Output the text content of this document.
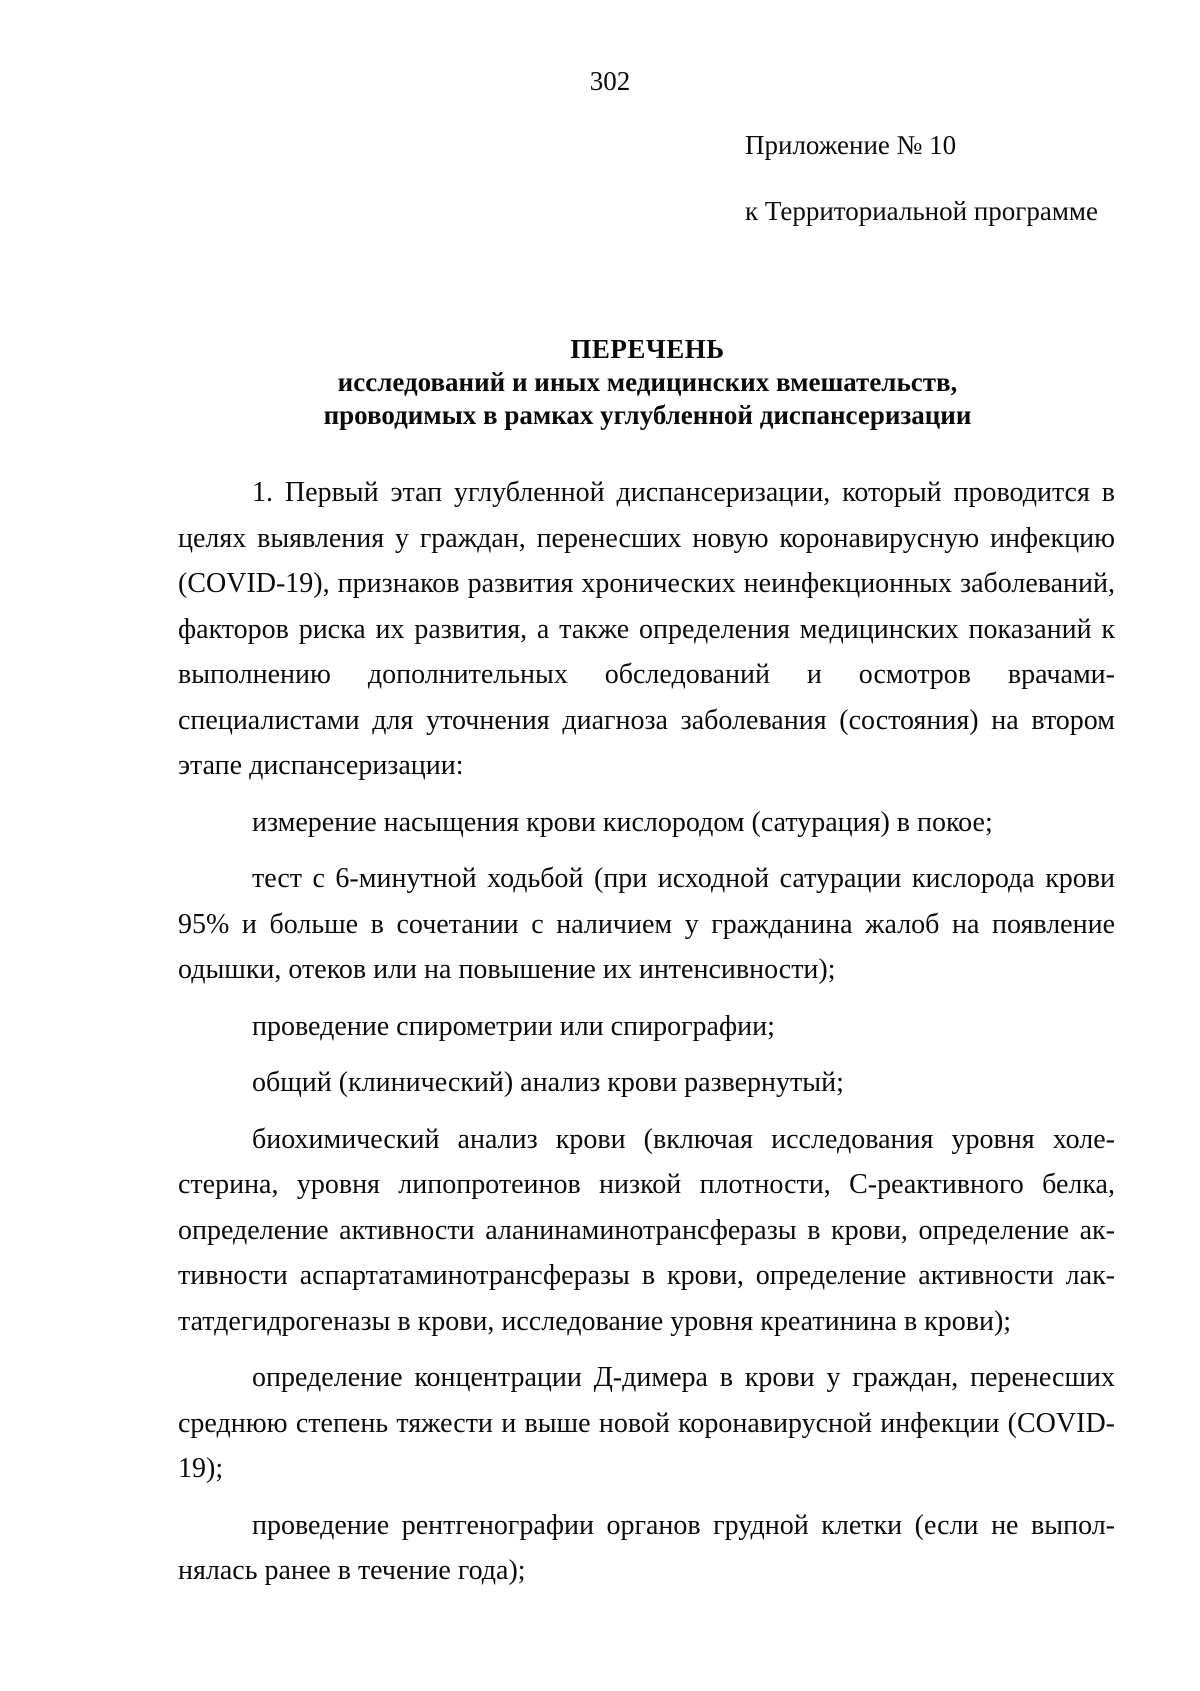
302
Приложение № 10
к Территориальной программе
ПЕРЕЧЕНЬ
исследований и иных медицинских вмешательств,
проводимых в рамках углубленной диспансеризации

1. Первый этап углубленной диспансеризации, который проводится в целях выявления у граждан, перенесших новую коронавирусную инфекцию (COVID-19), признаков развития хронических неинфекционных заболеваний, факторов риска их развития, а также определения медицинских показаний к выполнению дополнительных обследований и осмотров врачами-специалистами для уточнения диагноза заболевания (состояния) на втором этапе диспансеризации:

измерение насыщения крови кислородом (сатурация) в покое;

тест с 6-минутной ходьбой (при исходной сатурации кислорода крови 95% и больше в сочетании с наличием у гражданина жалоб на появление одышки, отеков или на повышение их интенсивности);

проведение спирометрии или спирографии;

общий (клинический) анализ крови развернутый;

биохимический анализ крови (включая исследования уровня холестерина, уровня липопротеинов низкой плотности, С-реактивного белка, определение активности аланинаминотрансферазы в крови, определение активности аспартатаминотрансферазы в крови, определение активности лактатдегидрогеназы в крови, исследование уровня креатинина в крови);

определение концентрации Д-димера в крови у граждан, перенесших среднюю степень тяжести и выше новой коронавирусной инфекции (COVID-19);

проведение рентгенографии органов грудной клетки (если не выполнялась ранее в течение года);
